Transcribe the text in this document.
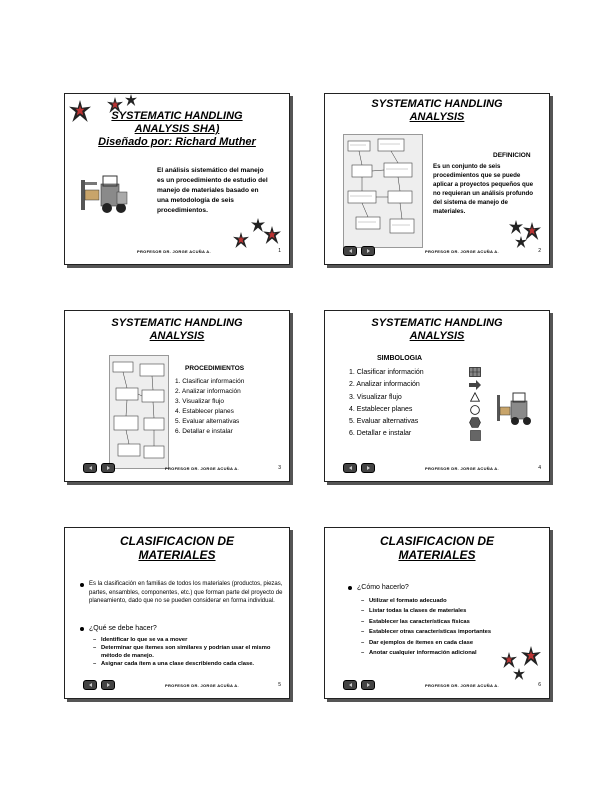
SYSTEMATIC HANDLING
ANALYSIS SHA)
Diseñado por: Richard Muther
El análisis sistemático del manejo es un procedimiento de estudio del manejo de materiales basado en una metodología de seis procedimientos.
PROFESOR DR. JORGE ACUÑA A.	1
SYSTEMATIC HANDLING
ANALYSIS
DEFINICION
Es un conjunto de seis procedimientos que se puede aplicar a proyectos pequeños que no requieran un análisis profundo del sistema de manejo de materiales.
PROFESOR DR. JORGE ACUÑA A.	2
SYSTEMATIC HANDLING
ANALYSIS
PROCEDIMIENTOS
1. Clasificar información
2. Analizar información
3. Visualizar flujo
4. Establecer planes
5. Evaluar alternativas
6. Detallar e instalar
PROFESOR DR. JORGE ACUÑA A.	3
SYSTEMATIC HANDLING
ANALYSIS
SIMBOLOGIA
1. Clasificar información
2. Analizar información
3. Visualizar flujo
4. Establecer planes
5. Evaluar alternativas
6. Detallar e instalar
PROFESOR DR. JORGE ACUÑA A.	4
CLASIFICACION DE
MATERIALES
Es la clasificación en familias de todos los materiales (productos, piezas, partes, ensambles, componentes, etc.) que forman parte del proyecto de planeamiento, dado que no se pueden considerar en forma individual.
¿Qué se debe hacer?
– Identificar lo que se va a mover
– Determinar que ítemes son similares y podrían usar el mismo método de manejo.
– Asignar cada ítem a una clase describiendo cada clase.
PROFESOR DR. JORGE ACUÑA A.	5
CLASIFICACION DE
MATERIALES
¿Cómo hacerlo?
– Utilizar el formato adecuado
– Listar todas la clases de materiales
– Establecer las características físicas
– Establecer otras características importantes
– Dar ejemplos de ítemes en cada clase
– Anotar cualquier información adicional
PROFESOR DR. JORGE ACUÑA A.	6
